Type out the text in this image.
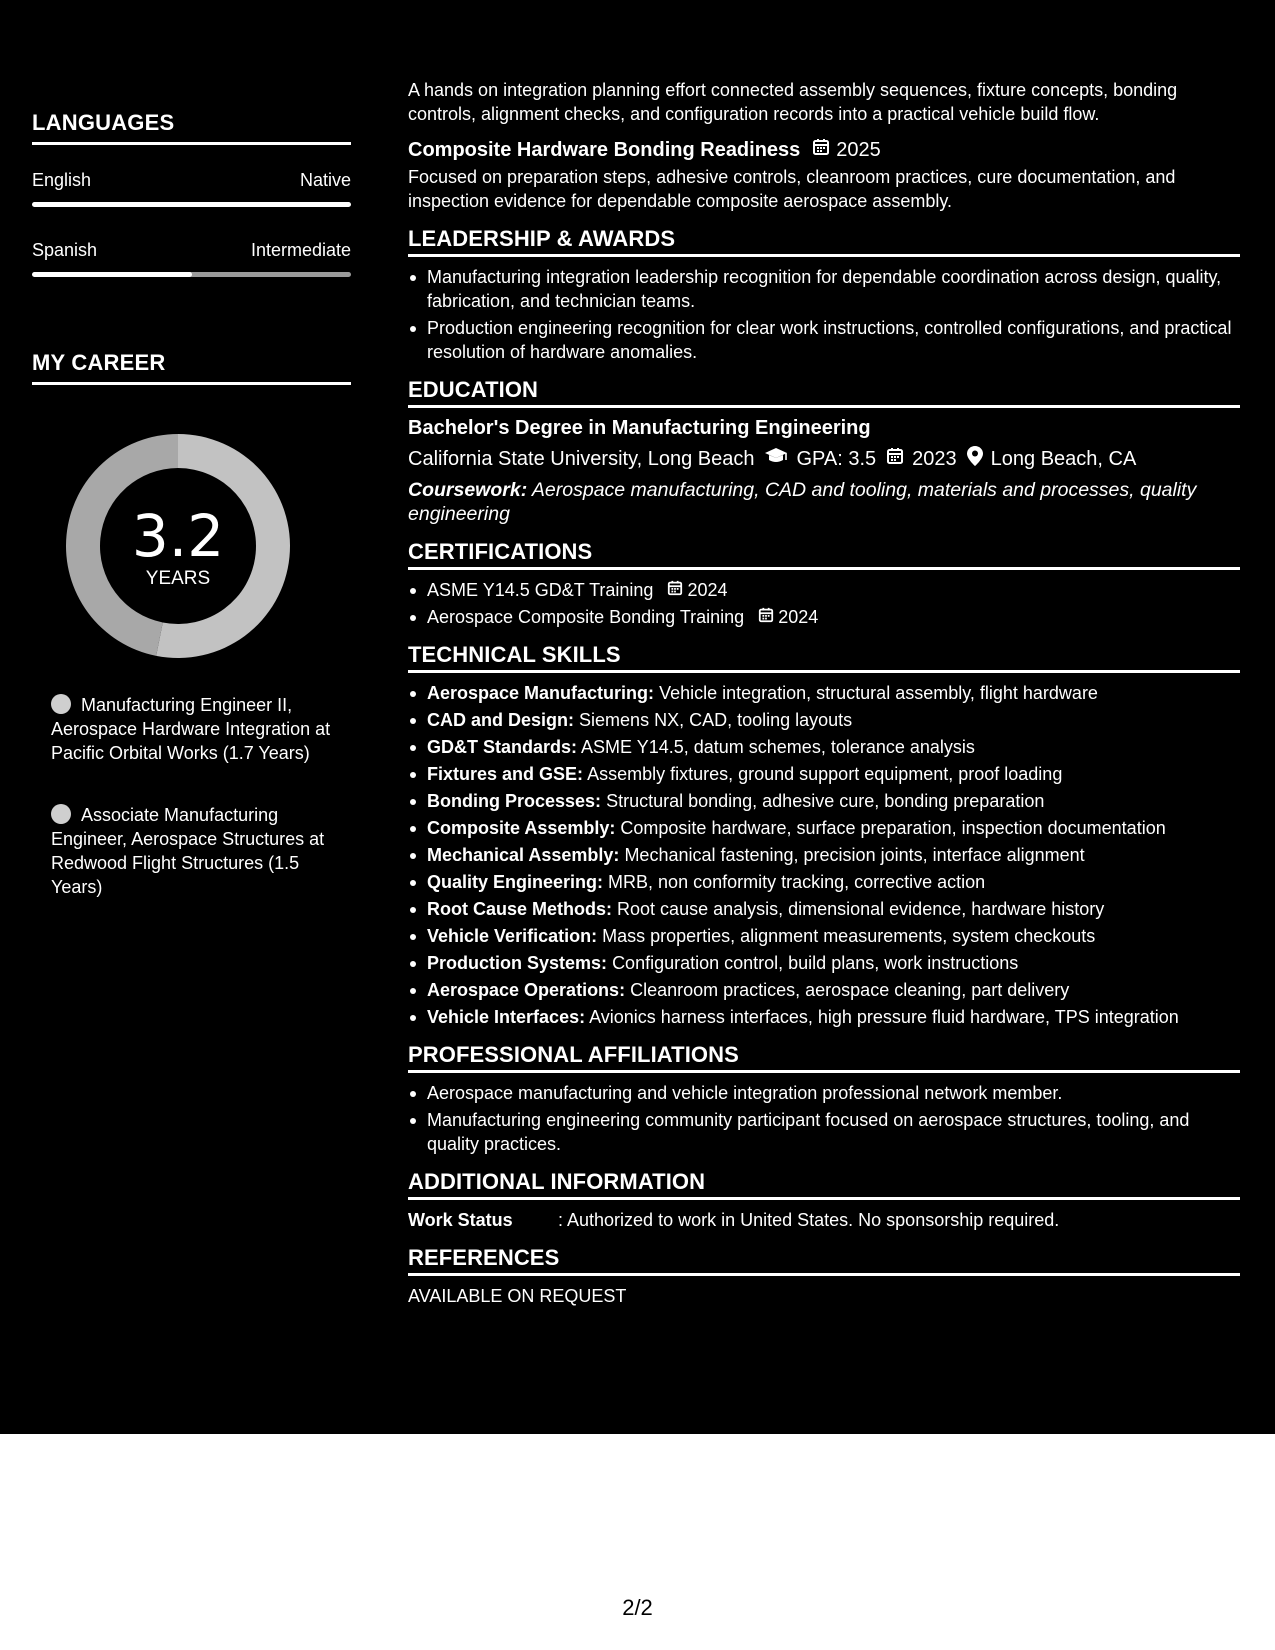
LANGUAGES
English	Native
Spanish	Intermediate
MY CAREER
3.2
YEARS
Manufacturing Engineer II, Aerospace Hardware Integration at Pacific Orbital Works (1.7 Years)
Associate Manufacturing Engineer, Aerospace Structures at Redwood Flight Structures (1.5 Years)

A hands on integration planning effort connected assembly sequences, fixture concepts, bonding controls, alignment checks, and configuration records into a practical vehicle build flow.

Composite Hardware Bonding Readiness 2025

Focused on preparation steps, adhesive controls, cleanroom practices, cure documentation, and inspection evidence for dependable composite aerospace assembly.

LEADERSHIP & AWARDS
Manufacturing integration leadership recognition for dependable coordination across design, quality, fabrication, and technician teams.
Production engineering recognition for clear work instructions, controlled configurations, and practical resolution of hardware anomalies.
EDUCATION
Bachelor's Degree in Manufacturing Engineering
California State University, Long Beach GPA: 3.5 2023 Long Beach, CA
Coursework: Aerospace manufacturing, CAD and tooling, materials and processes, quality engineering
CERTIFICATIONS
ASME Y14.5 GD&T Training 2024
Aerospace Composite Bonding Training 2024
TECHNICAL SKILLS
Aerospace Manufacturing: Vehicle integration, structural assembly, flight hardware
CAD and Design: Siemens NX, CAD, tooling layouts
GD&T Standards: ASME Y14.5, datum schemes, tolerance analysis
Fixtures and GSE: Assembly fixtures, ground support equipment, proof loading
Bonding Processes: Structural bonding, adhesive cure, bonding preparation
Composite Assembly: Composite hardware, surface preparation, inspection documentation
Mechanical Assembly: Mechanical fastening, precision joints, interface alignment
Quality Engineering: MRB, non conformity tracking, corrective action
Root Cause Methods: Root cause analysis, dimensional evidence, hardware history
Vehicle Verification: Mass properties, alignment measurements, system checkouts
Production Systems: Configuration control, build plans, work instructions
Aerospace Operations: Cleanroom practices, aerospace cleaning, part delivery
Vehicle Interfaces: Avionics harness interfaces, high pressure fluid hardware, TPS integration
PROFESSIONAL AFFILIATIONS
Aerospace manufacturing and vehicle integration professional network member.
Manufacturing engineering community participant focused on aerospace structures, tooling, and quality practices.
ADDITIONAL INFORMATION
Work Status	: Authorized to work in United States. No sponsorship required.
REFERENCES
AVAILABLE ON REQUEST
2/2
